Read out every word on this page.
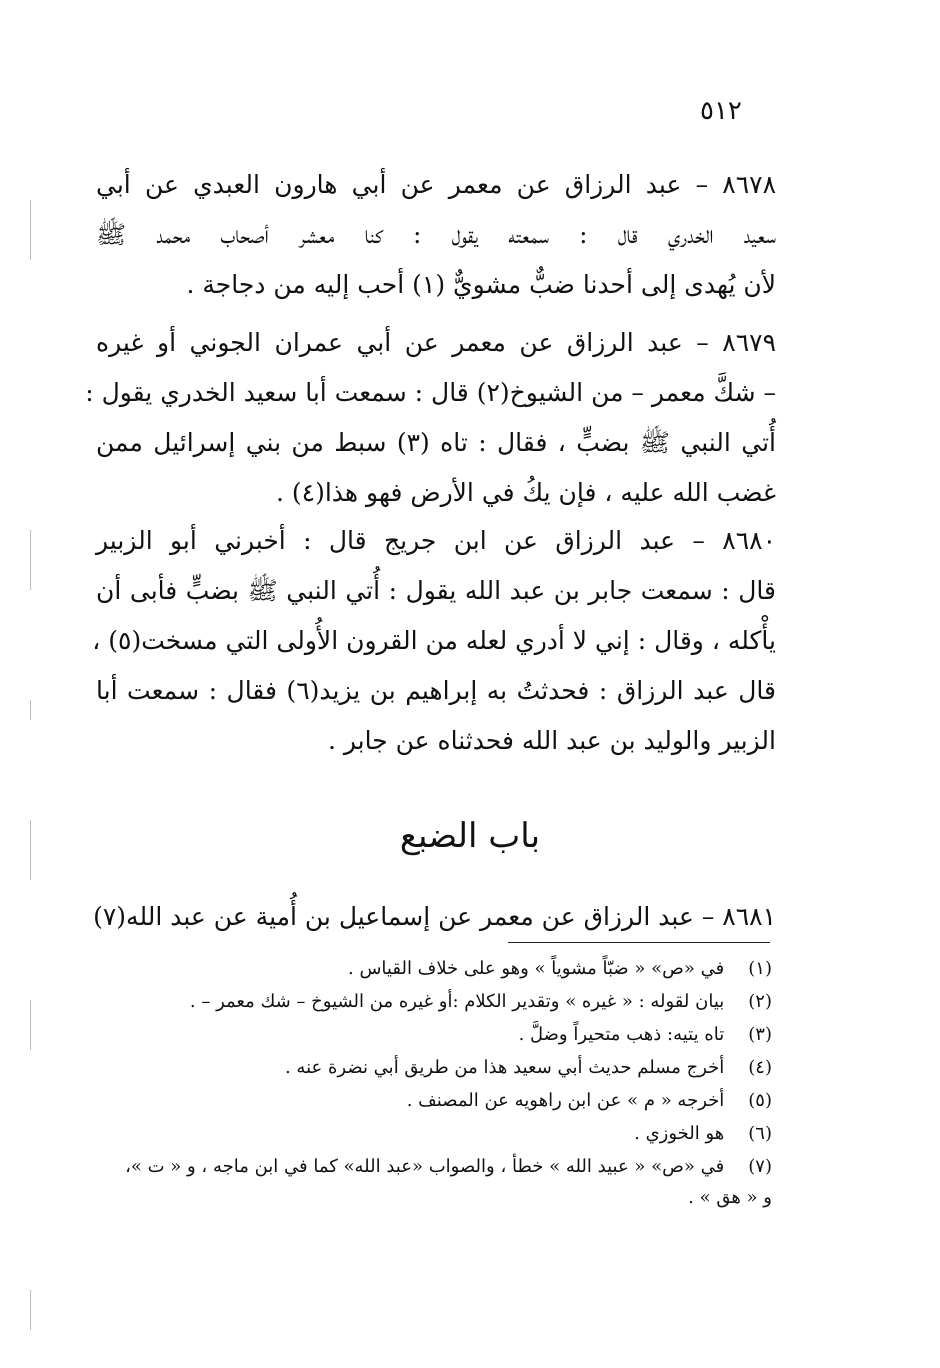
٥١٢
٨٦٧٨ – عبد الرزاق عن معمر عن أبي هارون العبدي عن أبي
سعيد الخدري قال : سمعته يقول : كنا معشر أصحاب محمد ﷺ
لأن يُهدى إلى أحدنا ضبٌّ مشويٌّ (١) أحب إليه من دجاجة .
٨٦٧٩ – عبد الرزاق عن معمر عن أبي عمران الجوني أو غيره
– شكَّ معمر – من الشيوخ(٢) قال : سمعت أبا سعيد الخدري يقول :
أُتي النبي ﷺ بضبٍّ ، فقال : تاه (٣) سبط من بني إسرائيل ممن
غضب الله عليه ، فإن يكُ في الأرض فهو هذا(٤) .
٨٦٨٠ – عبد الرزاق عن ابن جريج قال : أخبرني أبو الزبير
قال : سمعت جابر بن عبد الله يقول : أُتي النبي ﷺ بضبٍّ فأبى أن
يأْكله ، وقال : إني لا أدري لعله من القرون الأُولى التي مسخت(٥) ،
قال عبد الرزاق : فحدثتُ به إبراهيم بن يزيد(٦) فقال : سمعت أبا
الزبير والوليد بن عبد الله فحدثناه عن جابر .
باب الضبع
٨٦٨١ – عبد الرزاق عن معمر عن إسماعيل بن أُمية عن عبد الله(٧)
(١) في «ص» « ضبّاً مشوياً » وهو على خلاف القياس .
(٢) بيان لقوله : « غيره » وتقدير الكلام :أو غيره من الشيوخ – شك معمر – .
(٣) تاه يتيه: ذهب متحيراً وضلَّ .
(٤) أخرج مسلم حديث أبي سعيد هذا من طريق أبي نضرة عنه .
(٥) أخرجه « م » عن ابن راهويه عن المصنف .
(٦) هو الخوزي .
(٧) في «ص» « عبيد الله » خطأ ، والصواب «عبد الله» كما في ابن ماجه ، و « ت »،
و « هق » .
